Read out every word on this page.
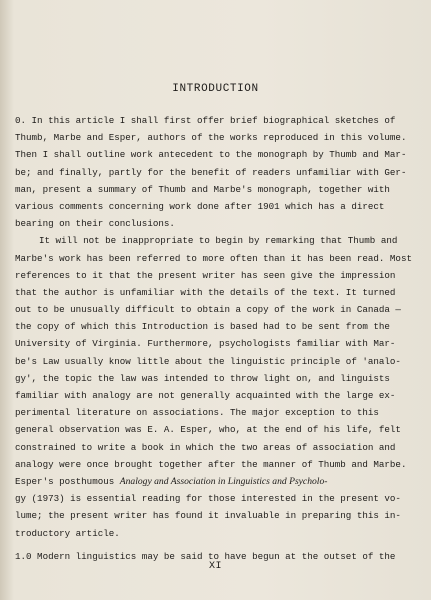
INTRODUCTION
0. In this article I shall first offer brief biographical sketches of
Thumb, Marbe and Esper, authors of the works reproduced in this volume.
Then I shall outline work antecedent to the monograph by Thumb and Mar-
be; and finally, partly for the benefit of readers unfamiliar with Ger-
man, present a summary of Thumb and Marbe's monograph, together with
various comments concerning work done after 1901 which has a direct
bearing on their conclusions.
It will not be inappropriate to begin by remarking that Thumb and
Marbe's work has been referred to more often than it has been read. Most
references to it that the present writer has seen give the impression
that the author is unfamiliar with the details of the text. It turned
out to be unusually difficult to obtain a copy of the work in Canada —
the copy of which this Introduction is based had to be sent from the
University of Virginia. Furthermore, psychologists familiar with Mar-
be's Law usually know little about the linguistic principle of 'analo-
gy', the topic the law was intended to throw light on, and linguists
familiar with analogy are not generally acquainted with the large ex-
perimental literature on associations. The major exception to this
general observation was E. A. Esper, who, at the end of his life, felt
constrained to write a book in which the two areas of association and
analogy were once brought together after the manner of Thumb and Marbe.
Esper's posthumous Analogy and Association in Linguistics and Psycholo-
gy (1973) is essential reading for those interested in the present vo-
lume; the present writer has found it invaluable in preparing this in-
troductory article.
1.0 Modern linguistics may be said to have begun at the outset of the
XI
